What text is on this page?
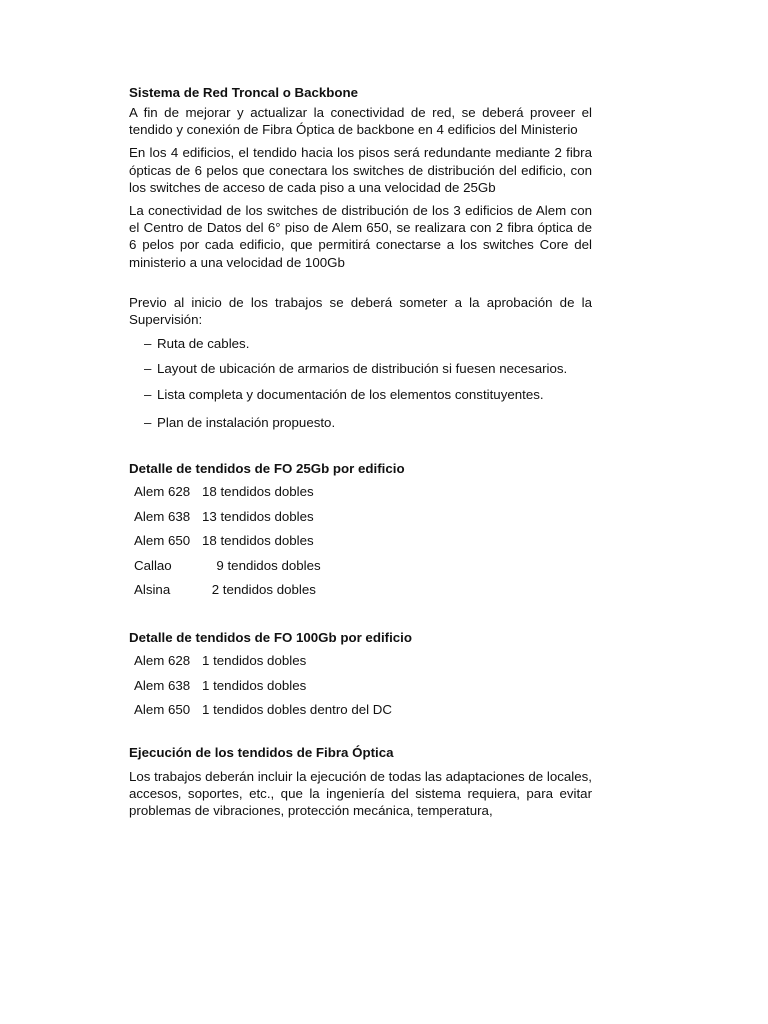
Sistema de Red Troncal o Backbone

A fin de mejorar y actualizar la conectividad de red, se deberá proveer el tendido y conexión de Fibra Óptica de backbone en 4 edificios del Ministerio

En los 4 edificios, el tendido hacia los pisos será redundante mediante 2 fibra ópticas de 6 pelos que conectara los switches de distribución del edificio, con los switches de acceso de cada piso a una velocidad de 25Gb

La conectividad de los switches de distribución de los 3 edificios de Alem con el Centro de Datos del 6° piso de Alem 650, se realizara con 2 fibra óptica de 6 pelos por cada edificio, que permitirá conectarse a los switches Core del ministerio a una velocidad de 100Gb

Previo al inicio de los trabajos se deberá someter a la aprobación de la Supervisión:

– Ruta de cables.
– Layout de ubicación de armarios de distribución si fuesen necesarios.
– Lista completa y documentación de los elementos constituyentes.
– Plan de instalación propuesto.

Detalle de tendidos de FO 25Gb por edificio

Alem 628 18 tendidos dobles
Alem 638 13 tendidos dobles
Alem 650 18 tendidos dobles
Callao	9 tendidos dobles
Alsina	2 tendidos dobles

Detalle de tendidos de FO 100Gb por edificio

Alem 628 1 tendidos dobles
Alem 638 1 tendidos dobles
Alem 650 1 tendidos dobles dentro del DC

Ejecución de los tendidos de Fibra Óptica

Los trabajos deberán incluir la ejecución de todas las adaptaciones de locales, accesos, soportes, etc., que la ingeniería del sistema requiera, para evitar problemas de vibraciones, protección mecánica, temperatura,
